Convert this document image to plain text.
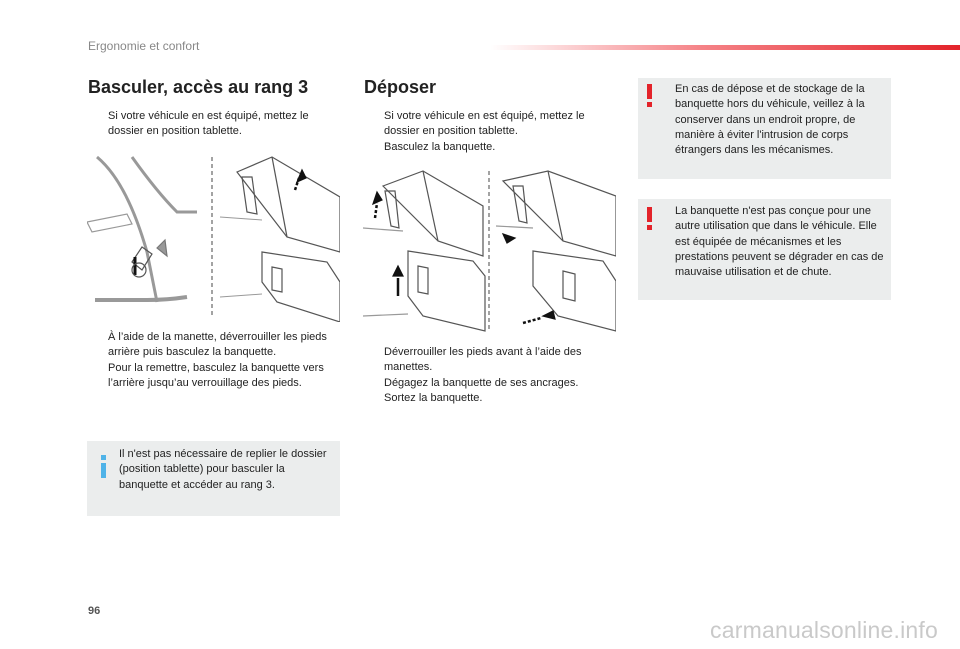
Ergonomie et confort
Basculer, accès au rang 3
Si votre véhicule en est équipé, mettez le dossier en position tablette.
À l’aide de la manette, déverrouiller les pieds arrière puis basculez la banquette.
Pour la remettre, basculez la banquette vers l’arrière jusqu’au verrouillage des pieds.
Il n'est pas nécessaire de replier le dossier (position tablette) pour basculer la banquette et accéder au rang 3.
Déposer
Si votre véhicule en est équipé, mettez le dossier en position tablette.
Basculez la banquette.
Déverrouiller les pieds avant à l’aide des manettes.
Dégagez la banquette de ses ancrages.
Sortez la banquette.
En cas de dépose et de stockage de la banquette hors du véhicule, veillez à la conserver dans un endroit propre, de manière à éviter l'intrusion de corps étrangers dans les mécanismes.
La banquette n'est pas conçue pour une autre utilisation que dans le véhicule. Elle est équipée de mécanismes et les prestations peuvent se dégrader en cas de mauvaise utilisation et de chute.
96
carmanualsonline.info
